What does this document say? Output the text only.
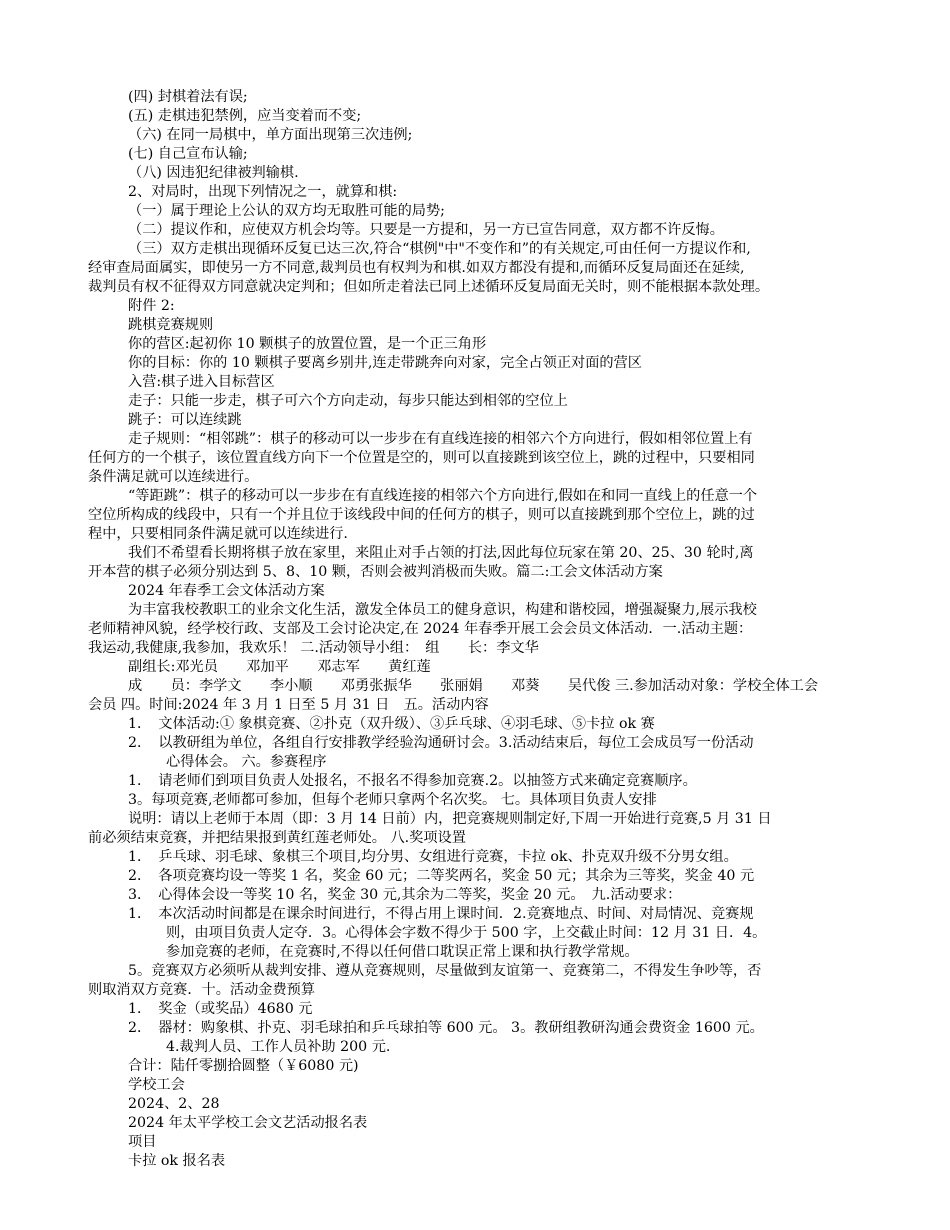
(四) 封棋着法有误;
(五) 走棋违犯禁例，应当变着而不变;
（六) 在同一局棋中，单方面出现第三次违例;
(七) 自己宣布认输;
（八) 因违犯纪律被判输棋.
2、对局时，出现下列情况之一，就算和棋:
（一）属于理论上公认的双方均无取胜可能的局势;
（二）提议作和，应使双方机会均等。只要是一方提和，另一方已宣告同意，双方都不许反悔。
（三）双方走棋出现循环反复已达三次,符合“棋例"中"不变作和”的有关规定,可由任何一方提议作和,
经审查局面属实，即使另一方不同意,裁判员也有权判为和棋.如双方都没有提和,而循环反复局面还在延续,
裁判员有权不征得双方同意就决定判和；但如所走着法已同上述循环反复局面无关时，则不能根据本款处理。
附件 2:
跳棋竞赛规则
你的营区:起初你 10 颗棋子的放置位置，是一个正三角形
你的目标：你的 10 颗棋子要离乡别井,连走带跳奔向对家，完全占领正对面的营区
入营:棋子进入目标营区
走子：只能一步走，棋子可六个方向走动，每步只能达到相邻的空位上
跳子：可以连续跳
走子规则：“相邻跳”：棋子的移动可以一步步在有直线连接的相邻六个方向进行，假如相邻位置上有
任何方的一个棋子，该位置直线方向下一个位置是空的，则可以直接跳到该空位上，跳的过程中，只要相同
条件满足就可以连续进行。
“等距跳”：棋子的移动可以一步步在有直线连接的相邻六个方向进行,假如在和同一直线上的任意一个
空位所构成的线段中，只有一个并且位于该线段中间的任何方的棋子，则可以直接跳到那个空位上，跳的过
程中，只要相同条件满足就可以连续进行.
我们不希望看长期将棋子放在家里，来阻止对手占领的打法,因此每位玩家在第 20、25、30 轮时,离
开本营的棋子必须分别达到 5、8、10 颗，否则会被判消极而失败。篇二:工会文体活动方案
2024 年春季工会文体活动方案
为丰富我校教职工的业余文化生活，激发全体员工的健身意识，构建和谐校园，增强凝聚力,展示我校
老师精神风貌，经学校行政、支部及工会讨论决定,在 2024 年春季开展工会会员文体活动．一.活动主题：
我运动,我健康,我参加，我欢乐！ 二.活动领导小组：　组　　长：李文华
副组长:邓光员　　邓加平　　邓志军　　黄红莲
成　　员：李学文　　李小顺　　邓勇张振华　　张丽娟　　邓葵　　吴代俊 三.参加活动对象：学校全体工会
会员 四。时间:2024 年 3 月 1 日至 5 月 31 日　五。活动内容
1．　文体活动:① 象棋竞赛、②扑克（双升级）、③乒乓球、④羽毛球、⑤卡拉 ok 赛
2．　以教研组为单位，各组自行安排教学经验沟通研讨会。3.活动结束后，每位工会成员写一份活动
心得体会。 六。参赛程序
1．　请老师们到项目负责人处报名，不报名不得参加竞赛.2。以抽签方式来确定竞赛顺序。
3。每项竞赛,老师都可参加，但每个老师只拿两个名次奖。 七。具体项目负责人安排
说明：请以上老师于本周（即：3 月 14 日前）内，把竞赛规则制定好,下周一开始进行竞赛,5 月 31 日
前必须结束竞赛，并把结果报到黄红莲老师处。 八.奖项设置
1．　乒乓球、羽毛球、象棋三个项目,均分男、女组进行竞赛，卡拉 ok、扑克双升级不分男女组。
2．　各项竞赛均设一等奖 1 名，奖金 60 元；二等奖两名，奖金 50 元；其余为三等奖，奖金 40 元
3．　心得体会设一等奖 10 名，奖金 30 元,其余为二等奖，奖金 20 元。　九.活动要求：
1．　本次活动时间都是在课余时间进行，不得占用上课时间．2.竞赛地点、时间、对局情况、竞赛规
则，由项目负责人定夺．3。心得体会字数不得少于 500 字，上交截止时间：12 月 31 日．4。
参加竞赛的老师，在竞赛时,不得以任何借口耽误正常上课和执行教学常规。
5。竞赛双方必须听从裁判安排、遵从竞赛规则，尽量做到友谊第一、竞赛第二，不得发生争吵等，否
则取消双方竞赛．十。活动金费预算
1．　奖金（或奖品）4680 元
2．　器材：购象棋、扑克、羽毛球拍和乒乓球拍等 600 元。 3。教研组教研沟通会费资金 1600 元。
4.裁判人员、工作人员补助 200 元.
合计：陆仟零捌拾圆整（￥6080 元)
学校工会
2024、2、28
2024 年太平学校工会文艺活动报名表
项目
卡拉 ok 报名表
